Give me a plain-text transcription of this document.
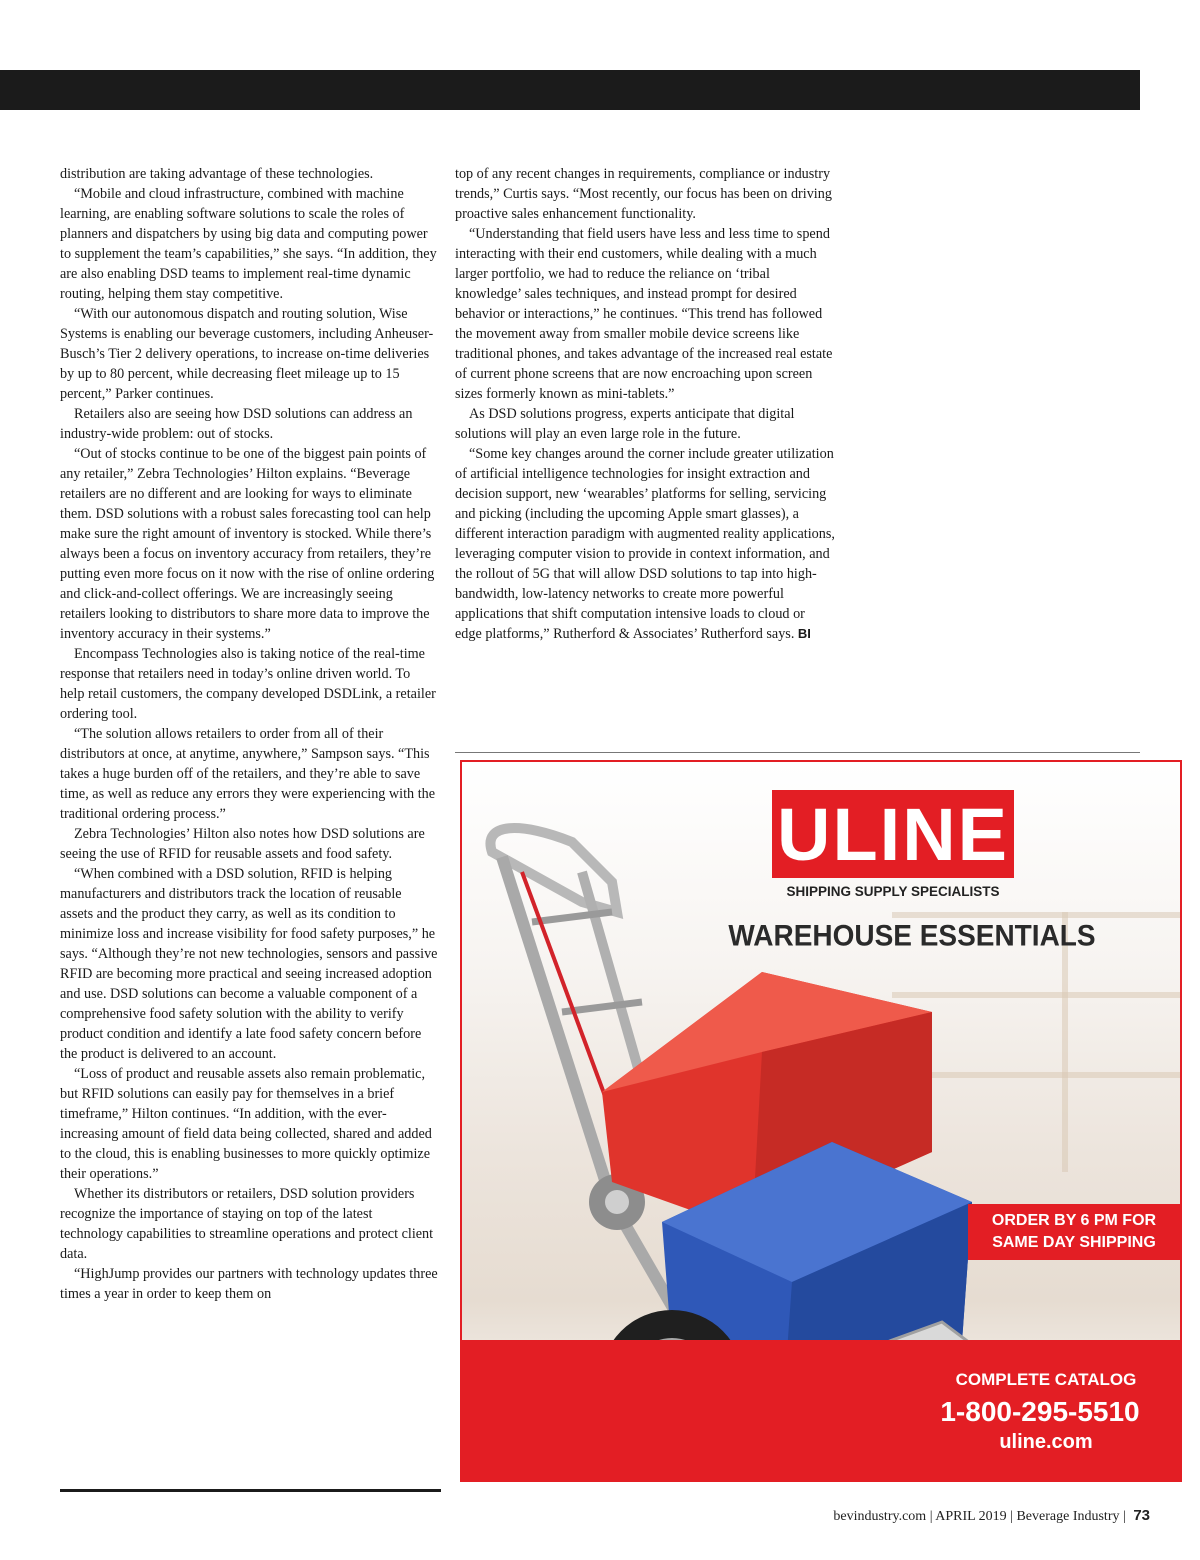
distribution are taking advantage of these technologies.

“Mobile and cloud infrastructure, combined with machine learning, are enabling software solutions to scale the roles of planners and dispatchers by using big data and computing power to supplement the team’s capabilities,” she says. “In addition, they are also enabling DSD teams to implement real-time dynamic routing, helping them stay competitive.

“With our autonomous dispatch and routing solution, Wise Systems is enabling our beverage customers, including Anheuser-Busch’s Tier 2 delivery operations, to increase on-time deliveries by up to 80 percent, while decreasing fleet mileage up to 15 percent,” Parker continues.

Retailers also are seeing how DSD solutions can address an industry-wide problem: out of stocks.

“Out of stocks continue to be one of the biggest pain points of any retailer,” Zebra Technologies’ Hilton explains. “Beverage retailers are no different and are looking for ways to eliminate them. DSD solutions with a robust sales forecasting tool can help make sure the right amount of inventory is stocked. While there’s always been a focus on inventory accuracy from retailers, they’re putting even more focus on it now with the rise of online ordering and click-and-collect offerings. We are increasingly seeing retailers looking to distributors to share more data to improve the inventory accuracy in their systems.”

Encompass Technologies also is taking notice of the real-time response that retailers need in today’s online driven world. To help retail customers, the company developed DSDLink, a retailer ordering tool.

“The solution allows retailers to order from all of their distributors at once, at anytime, anywhere,” Sampson says. “This takes a huge burden off of the retailers, and they’re able to save time, as well as reduce any errors they were experiencing with the traditional ordering process.”

Zebra Technologies’ Hilton also notes how DSD solutions are seeing the use of RFID for reusable assets and food safety.

“When combined with a DSD solution, RFID is helping manufacturers and distributors track the location of reusable assets and the product they carry, as well as its condition to minimize loss and increase visibility for food safety purposes,” he says. “Although they’re not new technologies, sensors and passive RFID are becoming more practical and seeing increased adoption and use. DSD solutions can become a valuable component of a comprehensive food safety solution with the ability to verify product condition and identify a late food safety concern before the product is delivered to an account.

“Loss of product and reusable assets also remain problematic, but RFID solutions can easily pay for themselves in a brief timeframe,” Hilton continues. “In addition, with the ever-increasing amount of field data being collected, shared and added to the cloud, this is enabling businesses to more quickly optimize their operations.”

Whether its distributors or retailers, DSD solution providers recognize the importance of staying on top of the latest technology capabilities to streamline operations and protect client data.

“HighJump provides our partners with technology updates three times a year in order to keep them on

top of any recent changes in requirements, compliance or industry trends,” Curtis says. “Most recently, our focus has been on driving proactive sales enhancement functionality.

“Understanding that field users have less and less time to spend interacting with their end customers, while dealing with a much larger portfolio, we had to reduce the reliance on ‘tribal knowledge’ sales techniques, and instead prompt for desired behavior or interactions,” he continues. “This trend has followed the movement away from smaller mobile device screens like traditional phones, and takes advantage of the increased real estate of current phone screens that are now encroaching upon screen sizes formerly known as mini-tablets.”

As DSD solutions progress, experts anticipate that digital solutions will play an even large role in the future.

“Some key changes around the corner include greater utilization of artificial intelligence technologies for insight extraction and decision support, new ‘wearables’ platforms for selling, servicing and picking (including the upcoming Apple smart glasses), a different interaction paradigm with augmented reality applications, leveraging computer vision to provide in context information, and the rollout of 5G that will allow DSD solutions to tap into high-bandwidth, low-latency networks to create more powerful applications that shift computation intensive loads to cloud or edge platforms,” Rutherford & Associates’ Rutherford says. BI

ULINE
SHIPPING SUPPLY SPECIALISTS
WAREHOUSE ESSENTIALS
ORDER BY 6 PM FOR
SAME DAY SHIPPING
COMPLETE CATALOG
1-800-295-5510
uline.com
bevindustry.com | APRIL 2019 | Beverage Industry | 73
